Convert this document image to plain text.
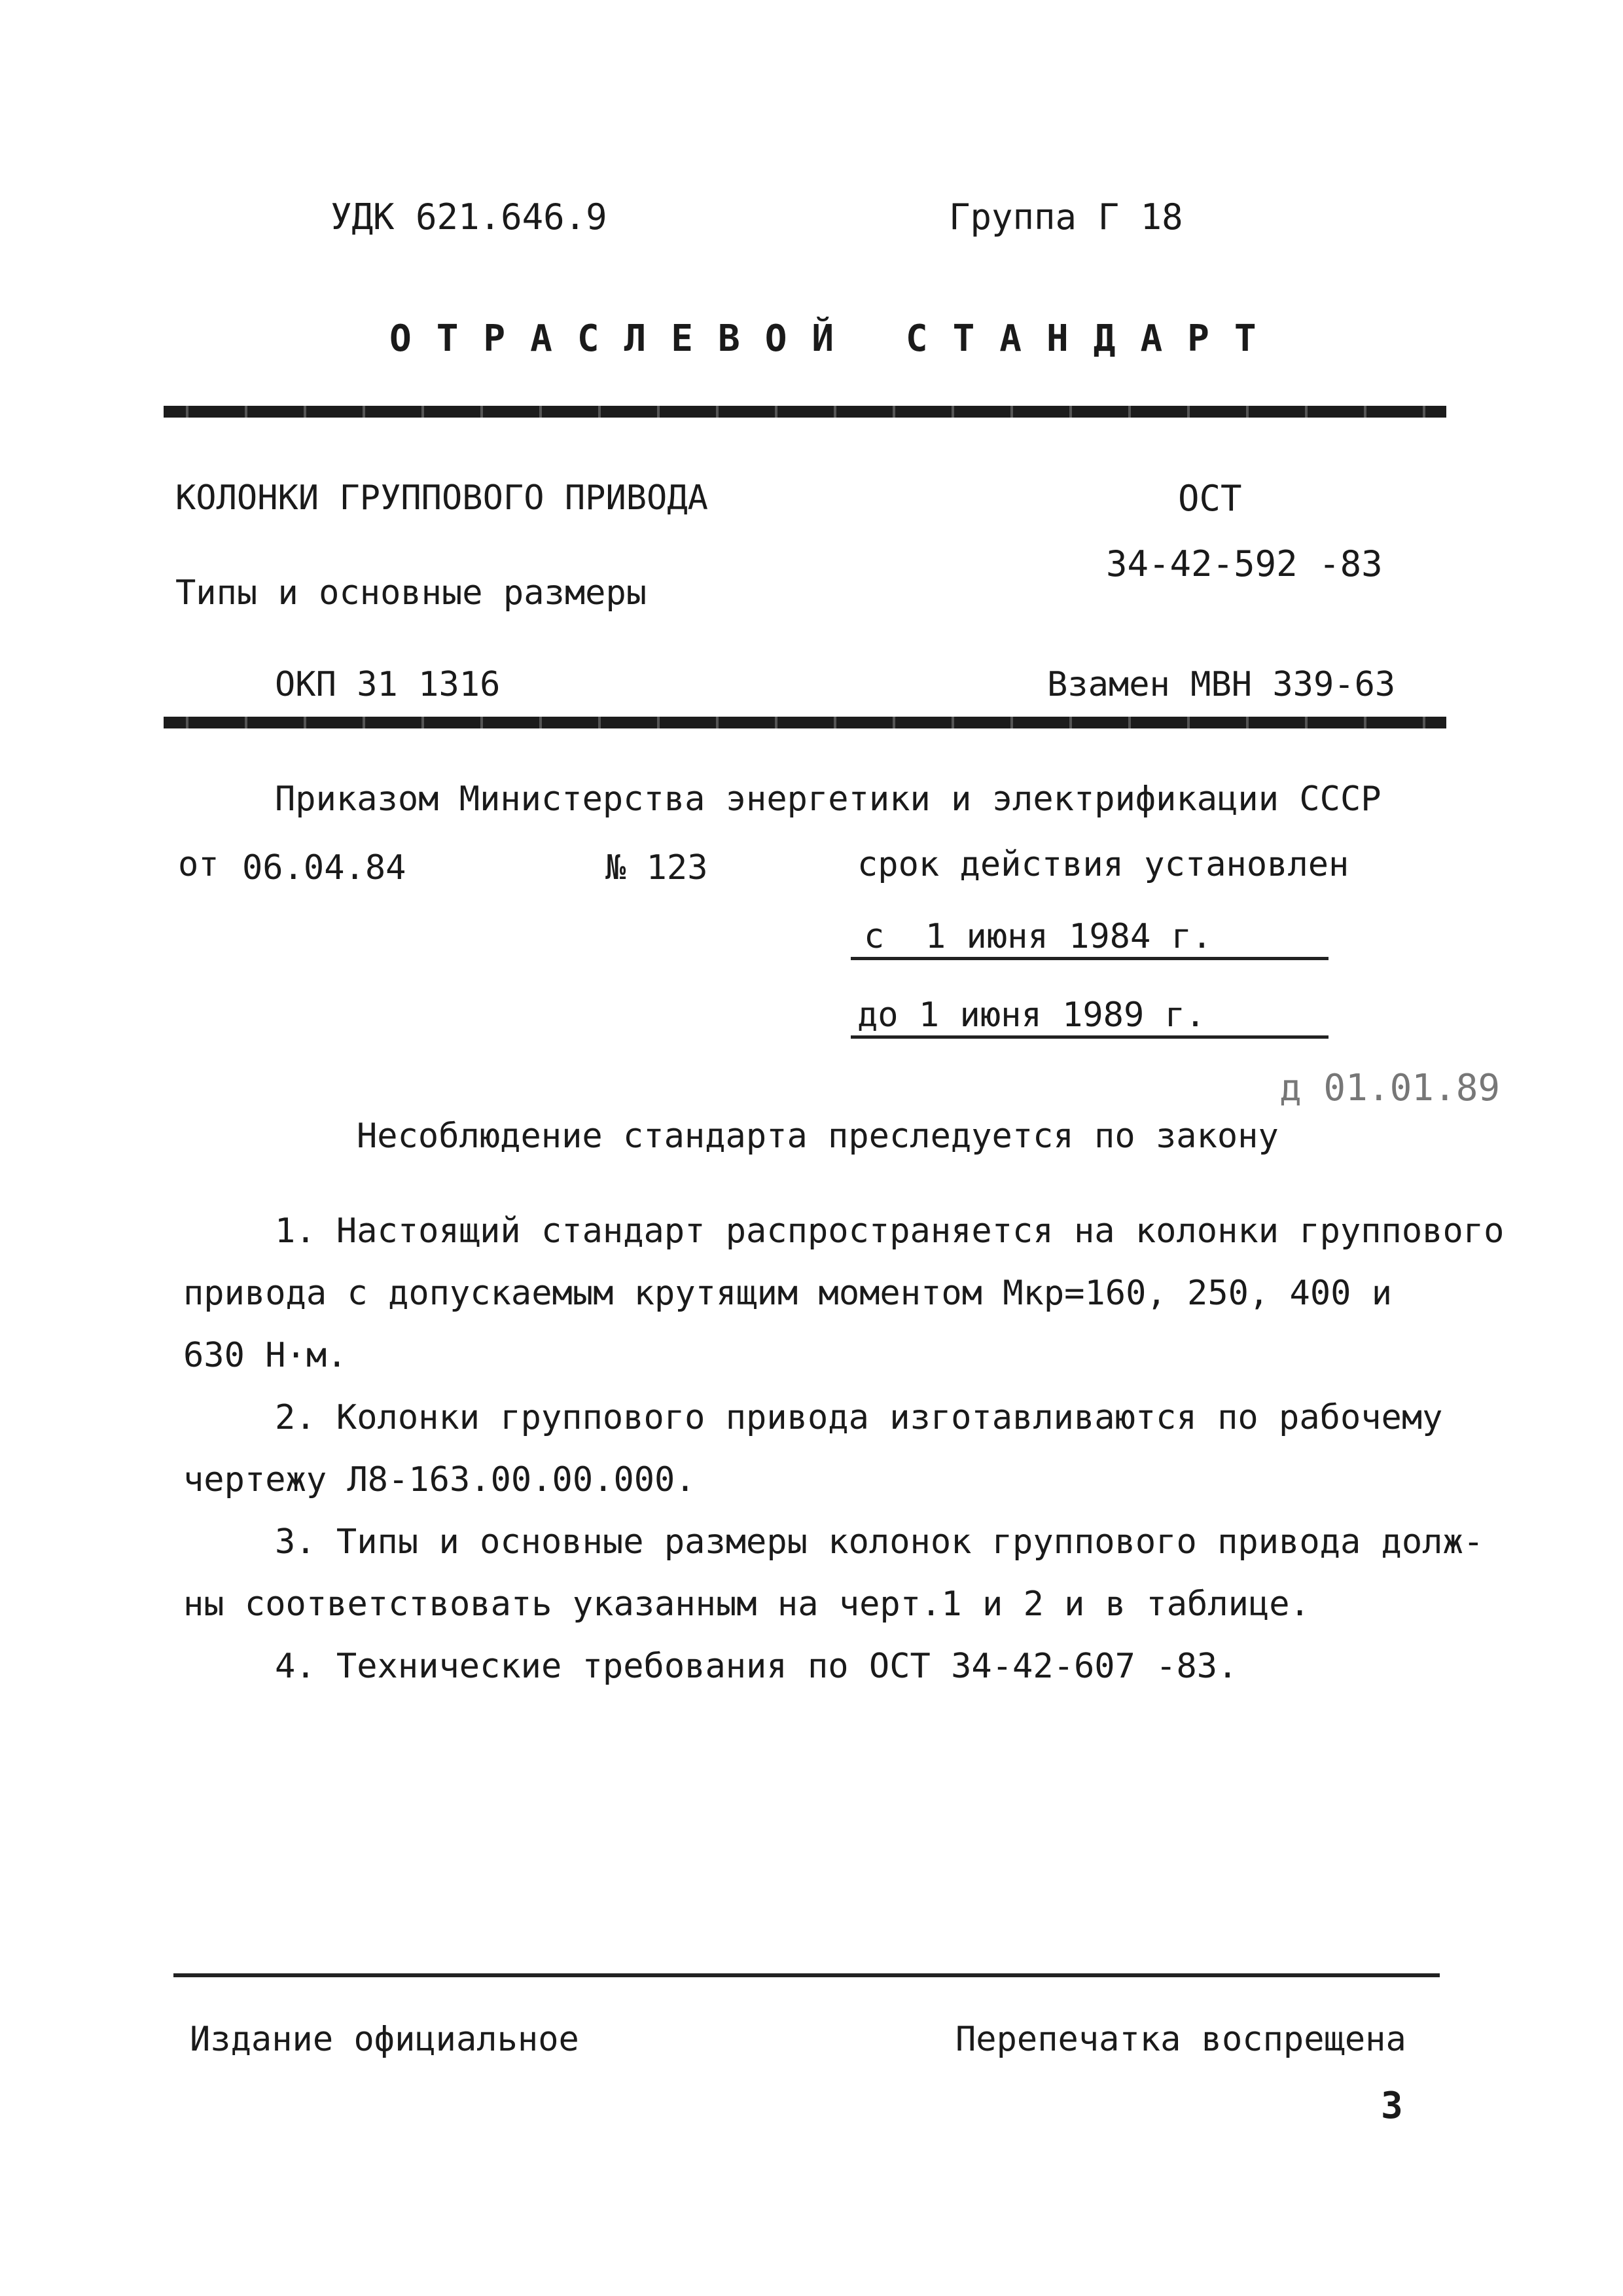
УДК 621.646.9	Группа Г 18
ОТРАСЛЕВОЙ СТАНДАРТ
КОЛОНКИ ГРУППОВОГО ПРИВОДА
Типы и основные размеры
ОКП 31 1316
ОСТ
34-42-592 -83
Взамен МВН 339-63
Приказом Министерства энергетики и электрификации СССР
от 06.04.84	№ 123	срок действия установлен
с  1 июня 1984 г.
до 1 июня 1989 г.
д 01.01.89
Несоблюдение стандарта преследуется по закону
1. Настоящий стандарт распространяется на колонки группового
привода с допускаемым крутящим моментом Мкр=160, 250, 400 и
630 Н·м.
2. Колонки группового привода изготавливаются по рабочему
чертежу Л8-163.00.00.000.
3. Типы и основные размеры колонок группового привода долж-
ны соответствовать указанным на черт.1 и 2 и в таблице.
4. Технические требования по ОСТ 34-42-607 -83.
Издание официальное	Перепечатка воспрещена
3
